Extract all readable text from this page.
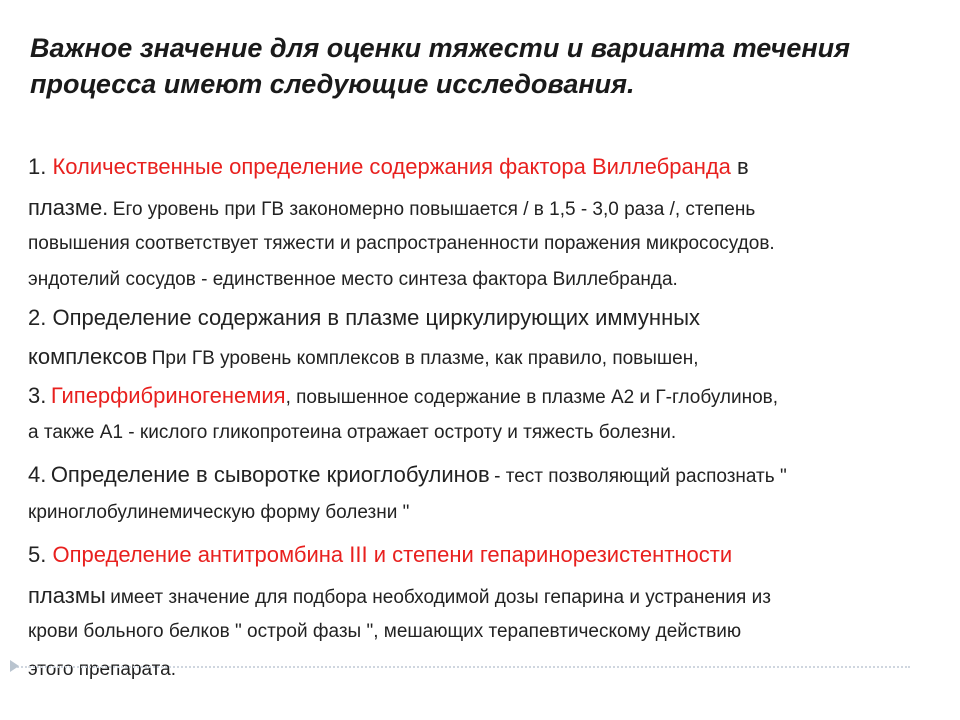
Важное значение для оценки тяжести и варианта течения процесса имеют следующие исследования.
1. Количественные определение содержания фактора Виллебранда в
плазме. Его уровень при ГВ закономерно повышается / в 1,5 - 3,0 раза /, степень
повышения соответствует тяжести и распространенности поражения микрососудов.
эндотелий сосудов - единственное место синтеза фактора Виллебранда.
2. Определение содержания в плазме циркулирующих иммунных
комплексов При ГВ уровень комплексов в плазме, как правило, повышен,
3. Гиперфибриногенемия, повышенное содержание в плазме А2 и Г-глобулинов,
а также А1 - кислого гликопротеина отражает остроту и тяжесть болезни.
4. Определение в сыворотке криоглобулинов - тест позволяющий распознать "
криноглобулинемическую форму болезни "
5. Определение антитромбина III и степени гепаринорезистентности
плазмы имеет значение для подбора необходимой дозы гепарина и устранения из
крови больного белков " острой фазы ", мешающих терапевтическому действию
этого препарата.
